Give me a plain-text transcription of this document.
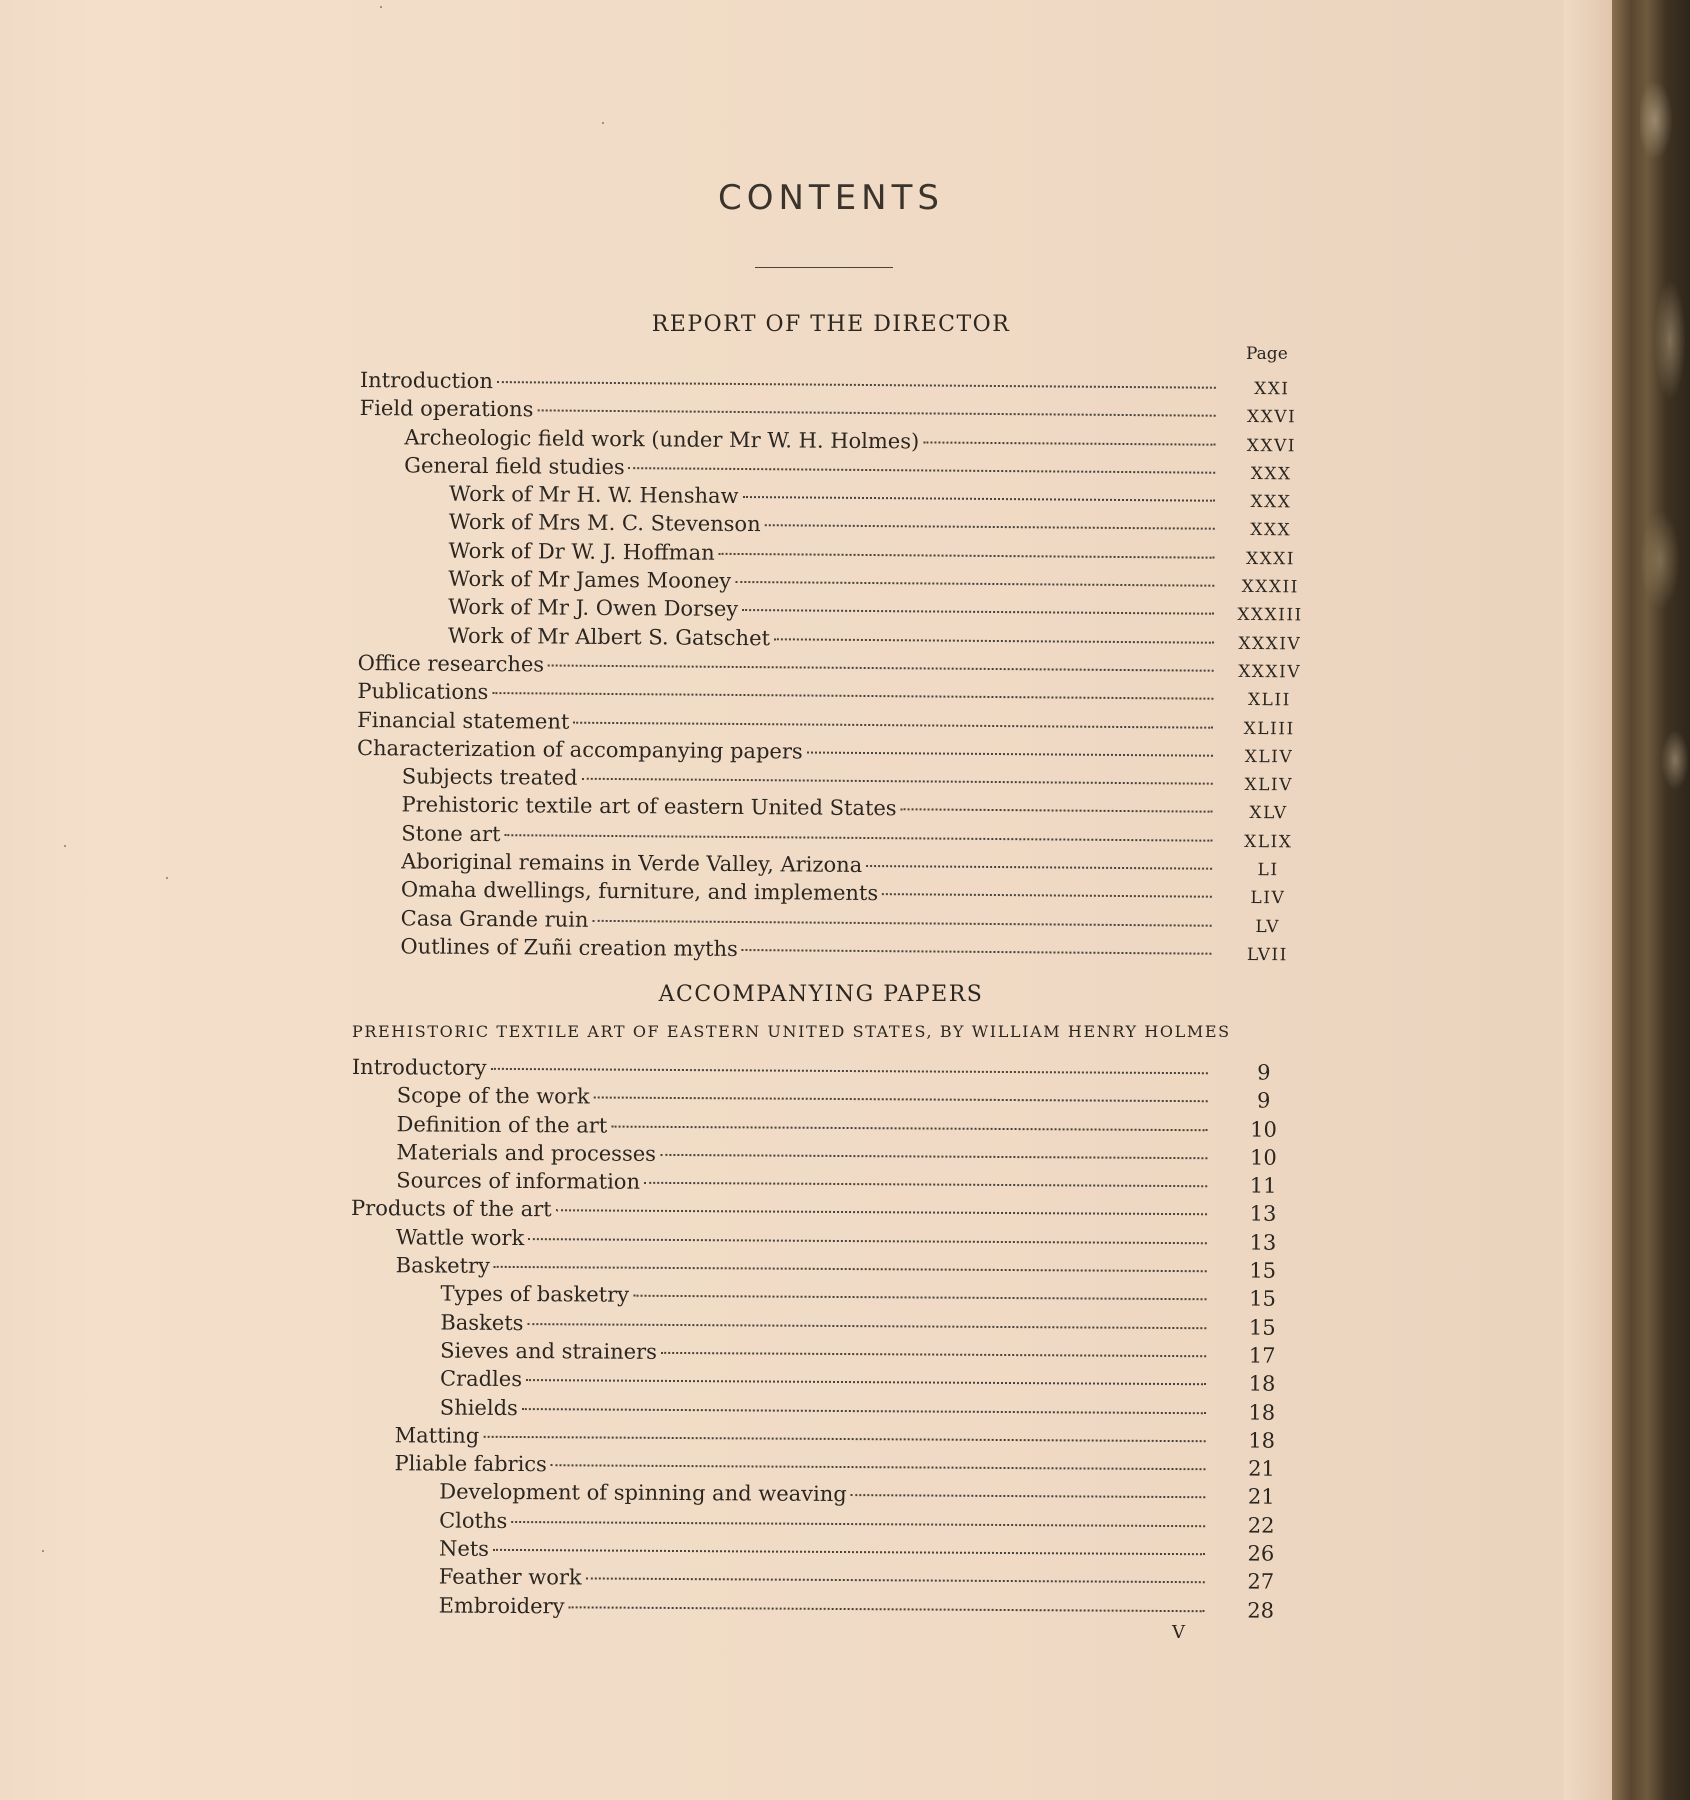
CONTENTS
REPORT OF THE DIRECTOR
Page
Introduction	XXI
Field operations	XXVI
Archeologic field work (under Mr W. H. Holmes)	XXVI
General field studies	XXX
Work of Mr H. W. Henshaw	XXX
Work of Mrs M. C. Stevenson	XXX
Work of Dr W. J. Hoffman	XXXI
Work of Mr James Mooney	XXXII
Work of Mr J. Owen Dorsey	XXXIII
Work of Mr Albert S. Gatschet	XXXIV
Office researches	XXXIV
Publications	XLII
Financial statement	XLIII
Characterization of accompanying papers	XLIV
Subjects treated	XLIV
Prehistoric textile art of eastern United States	XLV
Stone art	XLIX
Aboriginal remains in Verde Valley, Arizona	LI
Omaha dwellings, furniture, and implements	LIV
Casa Grande ruin	LV
Outlines of Zuñi creation myths	LVII
ACCOMPANYING PAPERS
PREHISTORIC TEXTILE ART OF EASTERN UNITED STATES, BY WILLIAM HENRY HOLMES
Introductory	9
Scope of the work	9
Definition of the art	10
Materials and processes	10
Sources of information	11
Products of the art	13
Wattle work	13
Basketry	15
Types of basketry	15
Baskets	15
Sieves and strainers	17
Cradles	18
Shields	18
Matting	18
Pliable fabrics	21
Development of spinning and weaving	21
Cloths	22
Nets	26
Feather work	27
Embroidery	28
V
